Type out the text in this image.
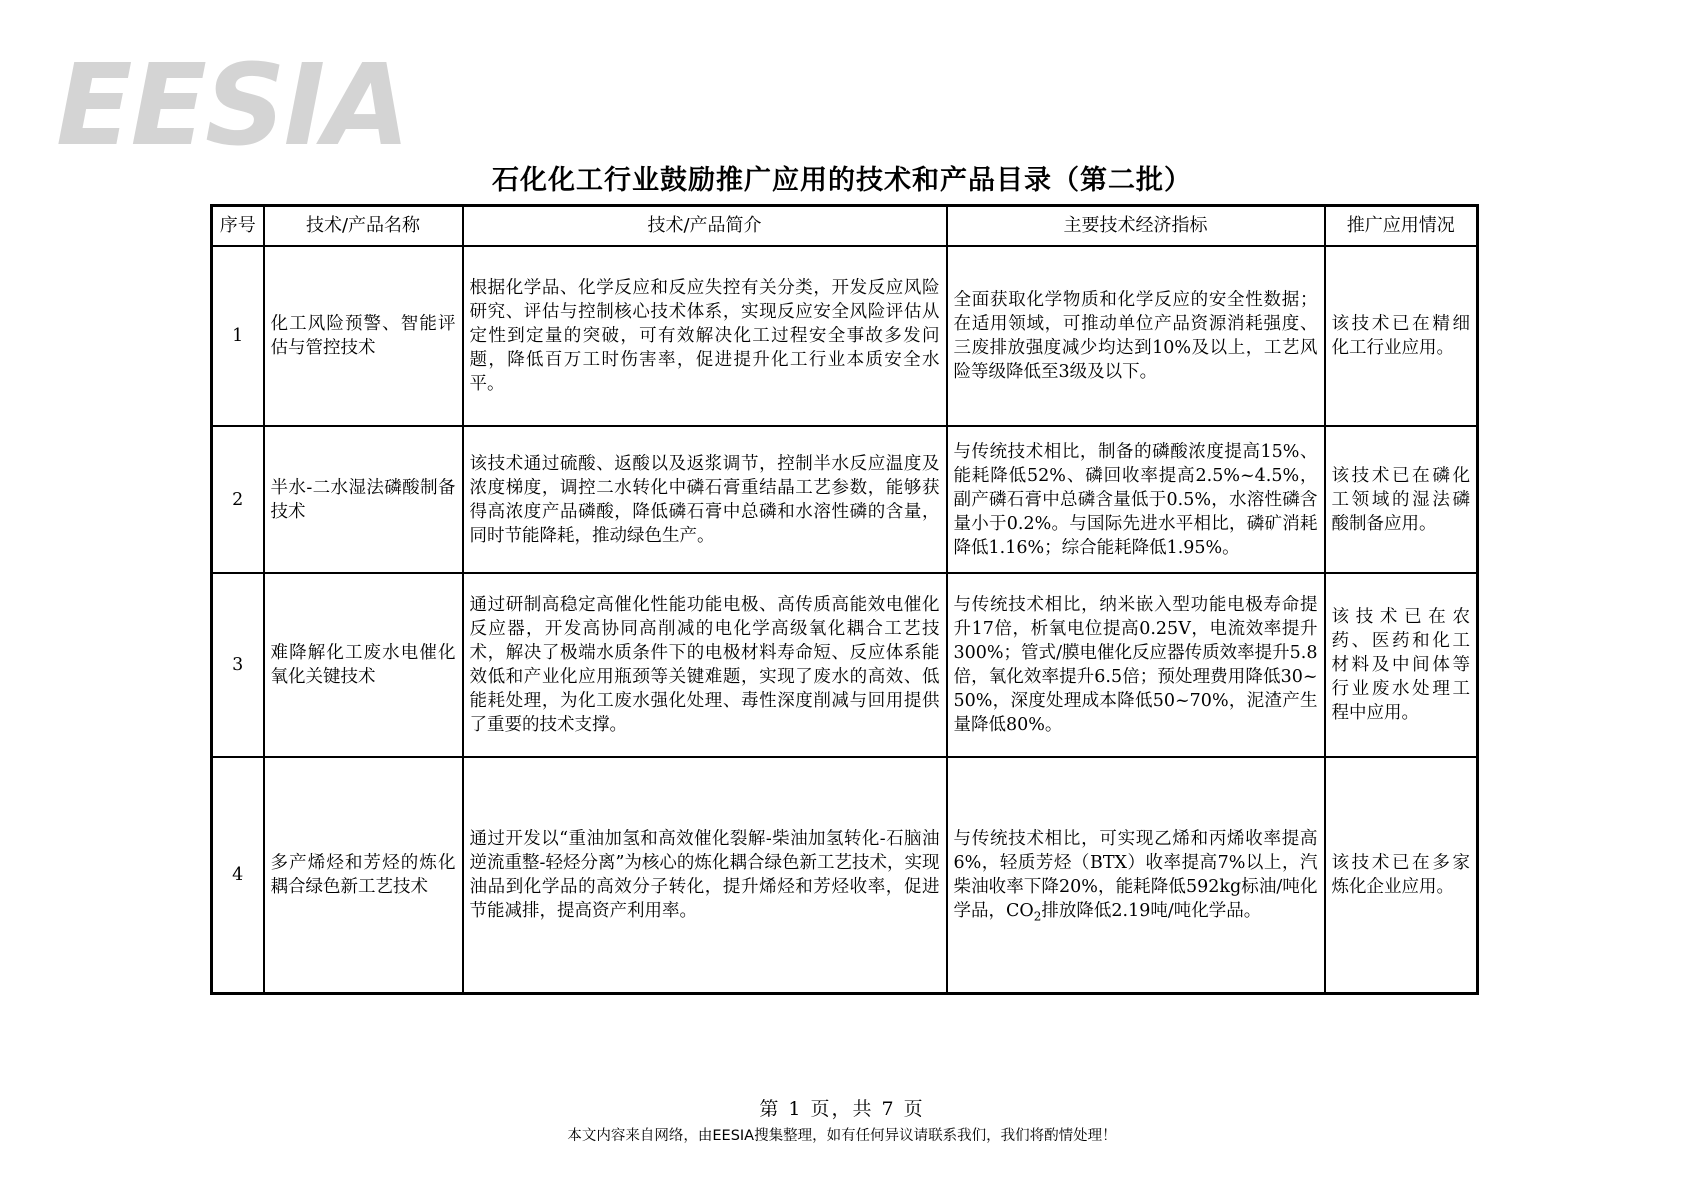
EESIA
石化化工行业鼓励推广应用的技术和产品目录（第二批）
序号	技术/产品名称	技术/产品简介	主要技术经济指标	推广应用情况
1	化工风险预警、智能评估与管控技术	根据化学品、化学反应和反应失控有关分类，开发反应风险研究、评估与控制核心技术体系，实现反应安全风险评估从定性到定量的突破，可有效解决化工过程安全事故多发问题，降低百万工时伤害率，促进提升化工行业本质安全水平。	全面获取化学物质和化学反应的安全性数据；在适用领域，可推动单位产品资源消耗强度、三废排放强度减少均达到10%及以上，工艺风险等级降低至3级及以下。	该技术已在精细化工行业应用。
2	半水-二水湿法磷酸制备技术	该技术通过硫酸、返酸以及返浆调节，控制半水反应温度及浓度梯度，调控二水转化中磷石膏重结晶工艺参数，能够获得高浓度产品磷酸，降低磷石膏中总磷和水溶性磷的含量，同时节能降耗，推动绿色生产。	与传统技术相比，制备的磷酸浓度提高15%、能耗降低52%、磷回收率提高2.5%~4.5%，副产磷石膏中总磷含量低于0.5%，水溶性磷含量小于0.2%。与国际先进水平相比，磷矿消耗降低1.16%；综合能耗降低1.95%。	该技术已在磷化工领域的湿法磷酸制备应用。
3	难降解化工废水电催化氧化关键技术	通过研制高稳定高催化性能功能电极、高传质高能效电催化反应器，开发高协同高削减的电化学高级氧化耦合工艺技术，解决了极端水质条件下的电极材料寿命短、反应体系能效低和产业化应用瓶颈等关键难题，实现了废水的高效、低能耗处理，为化工废水强化处理、毒性深度削减与回用提供了重要的技术支撑。	与传统技术相比，纳米嵌入型功能电极寿命提升17倍，析氧电位提高0.25V，电流效率提升300%；管式/膜电催化反应器传质效率提升5.8倍，氧化效率提升6.5倍；预处理费用降低30~50%，深度处理成本降低50~70%，泥渣产生量降低80%。	该技术已在农药、医药和化工材料及中间体等行业废水处理工程中应用。
4	多产烯烃和芳烃的炼化耦合绿色新工艺技术	通过开发以“重油加氢和高效催化裂解-柴油加氢转化-石脑油逆流重整-轻烃分离”为核心的炼化耦合绿色新工艺技术，实现油品到化学品的高效分子转化，提升烯烃和芳烃收率，促进节能减排，提高资产利用率。	与传统技术相比，可实现乙烯和丙烯收率提高6%，轻质芳烃（BTX）收率提高7%以上，汽柴油收率下降20%，能耗降低592kg标油/吨化学品，$CO_2$排放降低2.19吨/吨化学品。	该技术已在多家炼化企业应用。
第 1 页，共 7 页
本文内容来自网络，由EESIA搜集整理，如有任何异议请联系我们，我们将酌情处理！
